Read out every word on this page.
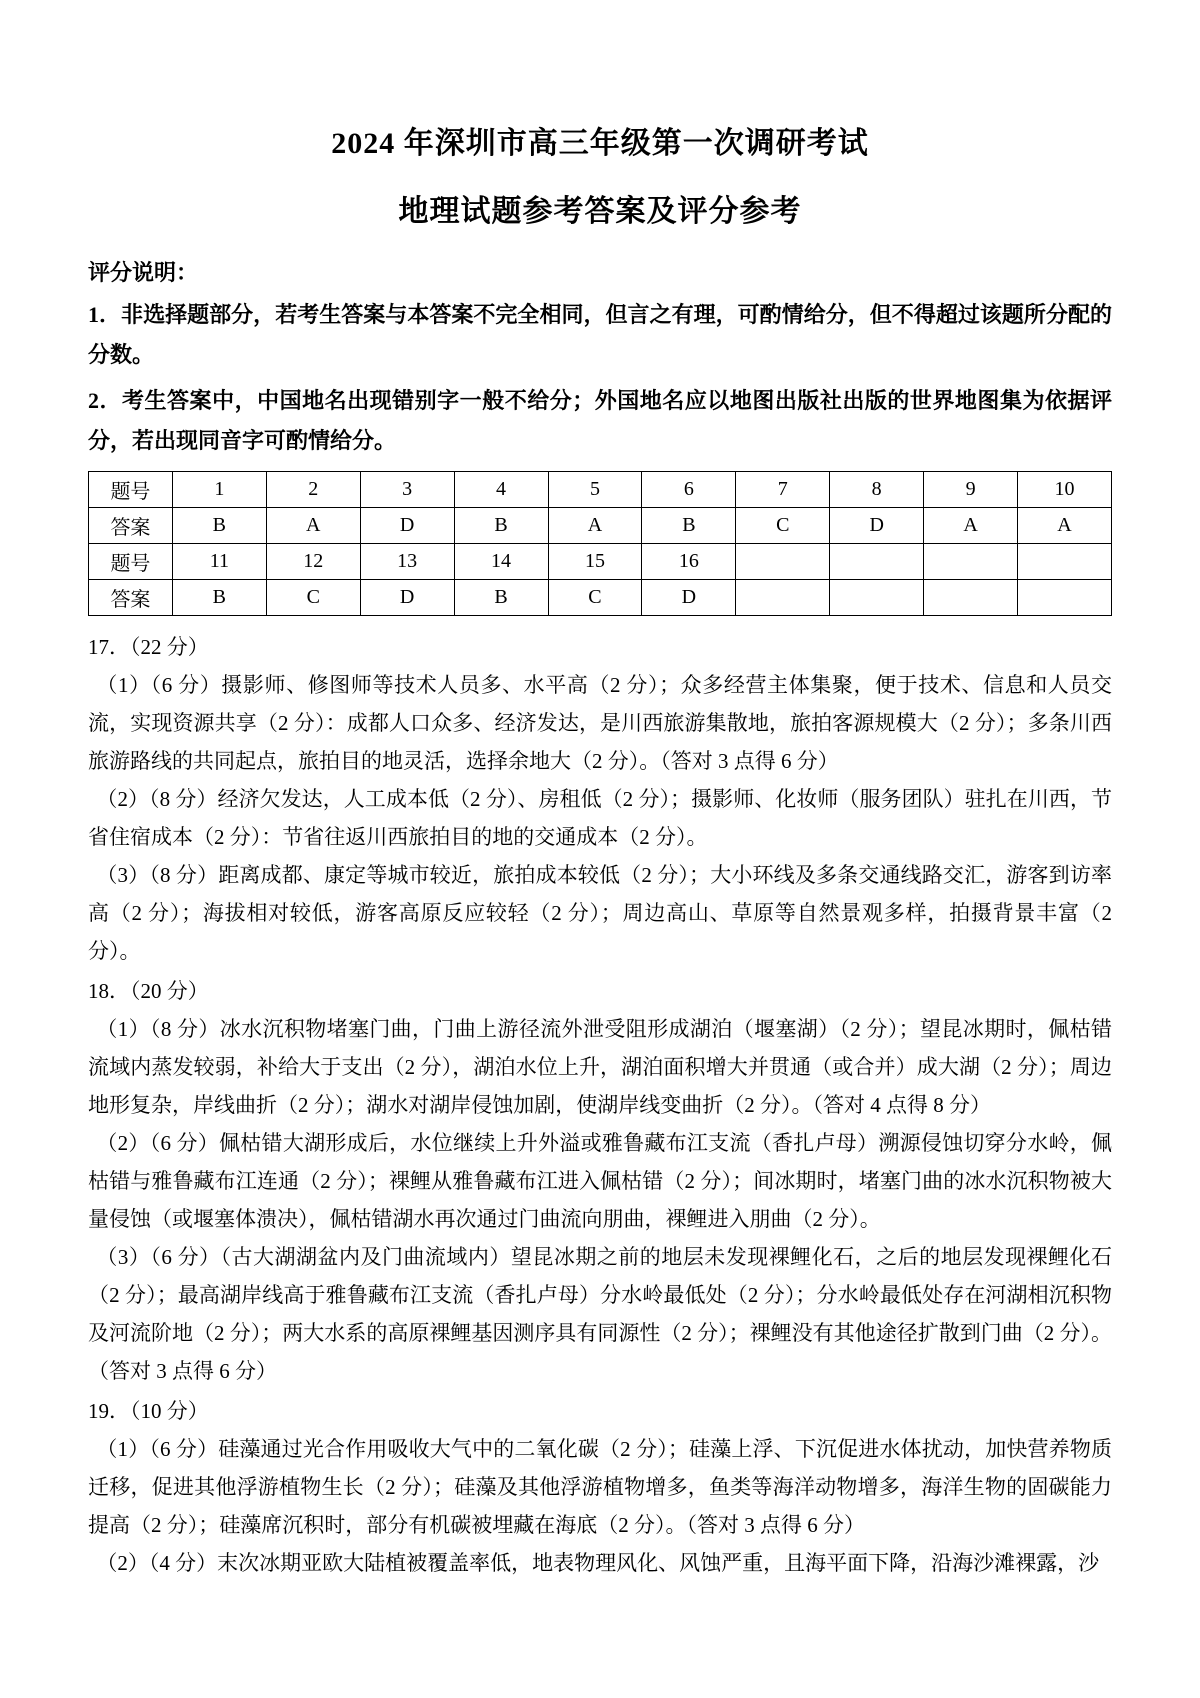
2024 年深圳市高三年级第一次调研考试
地理试题参考答案及评分参考

评分说明：

1．非选择题部分，若考生答案与本答案不完全相同，但言之有理，可酌情给分，但不得超过该题所分配的分数。

2．考生答案中，中国地名出现错别字一般不给分；外国地名应以地图出版社出版的世界地图集为依据评分，若出现同音字可酌情给分。

题号	1	2	3	4	5	6	7	8	9	10
答案	B	A	D	B	A	B	C	D	A	A
题号	11	12	13	14	15	16				
答案	B	C	D	B	C	D				

17．（22 分）

（1）（6 分）摄影师、修图师等技术人员多、水平高（2 分）；众多经营主体集聚，便于技术、信息和人员交流，实现资源共享（2 分）：成都人口众多、经济发达，是川西旅游集散地，旅拍客源规模大（2 分）；多条川西旅游路线的共同起点，旅拍目的地灵活，选择余地大（2 分）。（答对 3 点得 6 分）

（2）（8 分）经济欠发达，人工成本低（2 分）、房租低（2 分）；摄影师、化妆师（服务团队）驻扎在川西，节省住宿成本（2 分）：节省往返川西旅拍目的地的交通成本（2 分）。

（3）（8 分）距离成都、康定等城市较近，旅拍成本较低（2 分）；大小环线及多条交通线路交汇，游客到访率高（2 分）；海拔相对较低，游客高原反应较轻（2 分）；周边高山、草原等自然景观多样，拍摄背景丰富（2 分）。

18．（20 分）

（1）（8 分）冰水沉积物堵塞门曲，门曲上游径流外泄受阻形成湖泊（堰塞湖）（2 分）；望昆冰期时，佩枯错流域内蒸发较弱，补给大于支出（2 分），湖泊水位上升，湖泊面积增大并贯通（或合并）成大湖（2 分）；周边地形复杂，岸线曲折（2 分）；湖水对湖岸侵蚀加剧，使湖岸线变曲折（2 分）。（答对 4 点得 8 分）

（2）（6 分）佩枯错大湖形成后，水位继续上升外溢或雅鲁藏布江支流（香扎卢母）溯源侵蚀切穿分水岭，佩枯错与雅鲁藏布江连通（2 分）；裸鲤从雅鲁藏布江进入佩枯错（2 分）；间冰期时，堵塞门曲的冰水沉积物被大量侵蚀（或堰塞体溃决），佩枯错湖水再次通过门曲流向朋曲，裸鲤进入朋曲（2 分）。

（3）（6 分）（古大湖湖盆内及门曲流域内）望昆冰期之前的地层未发现裸鲤化石，之后的地层发现裸鲤化石（2 分）；最高湖岸线高于雅鲁藏布江支流（香扎卢母）分水岭最低处（2 分）；分水岭最低处存在河湖相沉积物及河流阶地（2 分）；两大水系的高原裸鲤基因测序具有同源性（2 分）；裸鲤没有其他途径扩散到门曲（2 分）。（答对 3 点得 6 分）

19．（10 分）

（1）（6 分）硅藻通过光合作用吸收大气中的二氧化碳（2 分）；硅藻上浮、下沉促进水体扰动，加快营养物质迁移，促进其他浮游植物生长（2 分）；硅藻及其他浮游植物增多，鱼类等海洋动物增多，海洋生物的固碳能力提高（2 分）；硅藻席沉积时，部分有机碳被埋藏在海底（2 分）。（答对 3 点得 6 分）

（2）（4 分）末次冰期亚欧大陆植被覆盖率低，地表物理风化、风蚀严重，且海平面下降，沿海沙滩裸露，沙
